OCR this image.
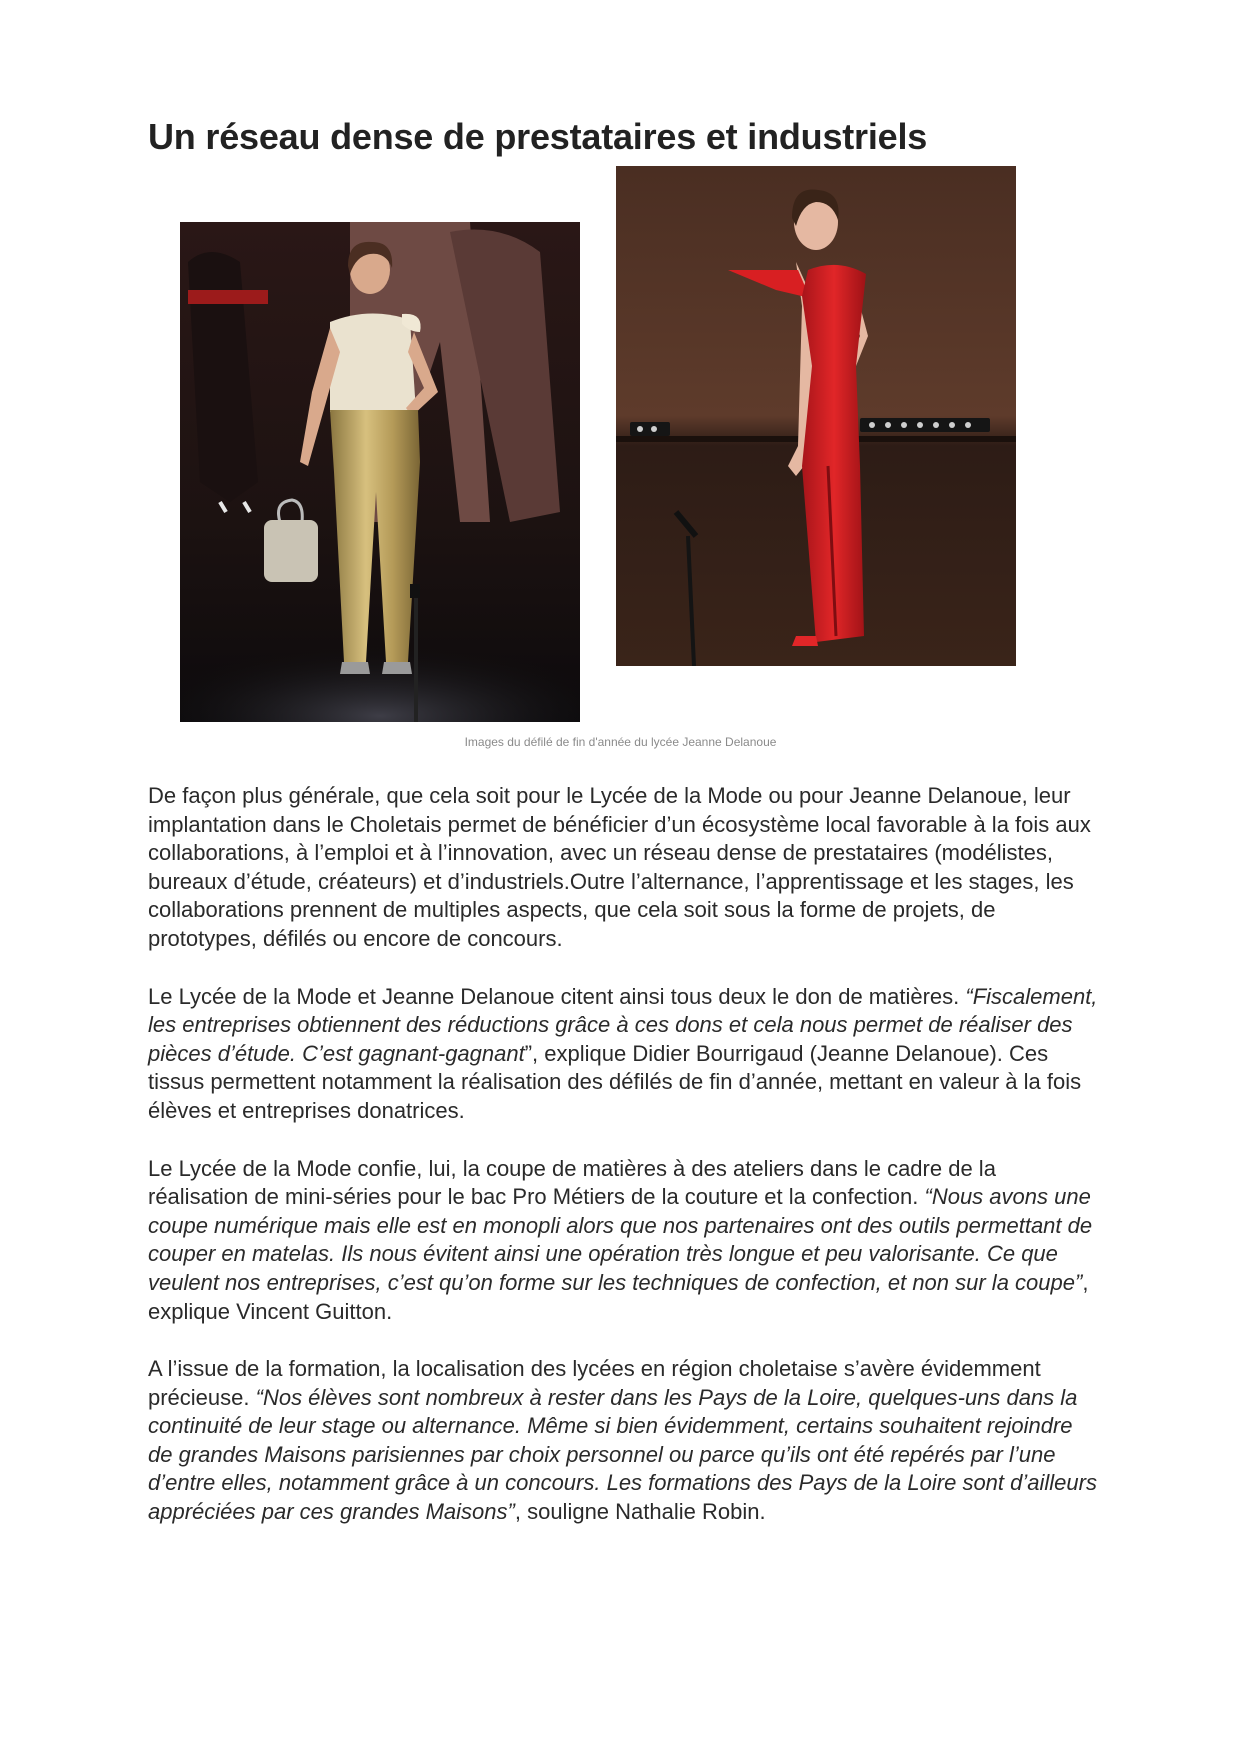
Un réseau dense de prestataires et industriels
Images du défilé de fin d'année du lycée Jeanne Delanoue

De façon plus générale, que cela soit pour le Lycée de la Mode ou pour Jeanne Delanoue, leur implantation dans le Choletais permet de bénéficier d’un écosystème local favorable à la fois aux collaborations, à l’emploi et à l’innovation, avec un réseau dense de prestataires (modélistes, bureaux d’étude, créateurs) et d’industriels.Outre l’alternance, l’apprentissage et les stages, les collaborations prennent de multiples aspects, que cela soit sous la forme de projets, de prototypes, défilés ou encore de concours.

Le Lycée de la Mode et Jeanne Delanoue citent ainsi tous deux le don de matières. “Fiscalement, les entreprises obtiennent des réductions grâce à ces dons et cela nous permet de réaliser des pièces d’étude. C’est gagnant-gagnant”, explique Didier Bourrigaud (Jeanne Delanoue). Ces tissus permettent notamment la réalisation des défilés de fin d’année, mettant en valeur à la fois élèves et entreprises donatrices.

Le Lycée de la Mode confie, lui, la coupe de matières à des ateliers dans le cadre de la réalisation de mini-séries pour le bac Pro Métiers de la couture et la confection. “Nous avons une coupe numérique mais elle est en monopli alors que nos partenaires ont des outils permettant de couper en matelas. Ils nous évitent ainsi une opération très longue et peu valorisante. Ce que veulent nos entreprises, c’est qu’on forme sur les techniques de confection, et non sur la coupe”, explique Vincent Guitton.

A l’issue de la formation, la localisation des lycées en région choletaise s’avère évidemment précieuse. “Nos élèves sont nombreux à rester dans les Pays de la Loire, quelques-uns dans la continuité de leur stage ou alternance. Même si bien évidemment, certains souhaitent rejoindre de grandes Maisons parisiennes par choix personnel ou parce qu’ils ont été repérés par l’une d’entre elles, notamment grâce à un concours. Les formations des Pays de la Loire sont d’ailleurs appréciées par ces grandes Maisons”, souligne Nathalie Robin.
